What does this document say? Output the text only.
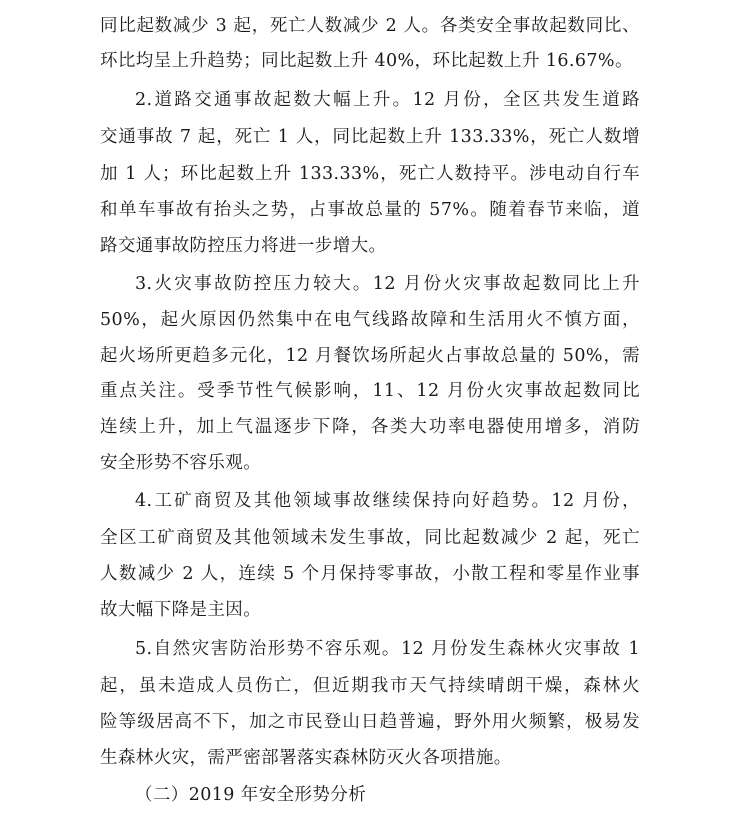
同比起数减少 3 起，死亡人数减少 2 人。各类安全事故起数同比、
环比均呈上升趋势；同比起数上升 40%，环比起数上升 16.67%。
2.道路交通事故起数大幅上升。12 月份，全区共发生道路
交通事故 7 起，死亡 1 人，同比起数上升 133.33%，死亡人数增
加 1 人；环比起数上升 133.33%，死亡人数持平。涉电动自行车
和单车事故有抬头之势，占事故总量的 57%。随着春节来临，道
路交通事故防控压力将进一步增大。
3.火灾事故防控压力较大。12 月份火灾事故起数同比上升
50%，起火原因仍然集中在电气线路故障和生活用火不慎方面，
起火场所更趋多元化，12 月餐饮场所起火占事故总量的 50%，需
重点关注。受季节性气候影响，11、12 月份火灾事故起数同比
连续上升，加上气温逐步下降，各类大功率电器使用增多，消防
安全形势不容乐观。
4.工矿商贸及其他领域事故继续保持向好趋势。12 月份，
全区工矿商贸及其他领域未发生事故，同比起数减少 2 起，死亡
人数减少 2 人，连续 5 个月保持零事故，小散工程和零星作业事
故大幅下降是主因。
5.自然灾害防治形势不容乐观。12 月份发生森林火灾事故 1
起，虽未造成人员伤亡，但近期我市天气持续晴朗干燥，森林火
险等级居高不下，加之市民登山日趋普遍，野外用火频繁，极易发
生森林火灾，需严密部署落实森林防灭火各项措施。
（二）2019 年安全形势分析
